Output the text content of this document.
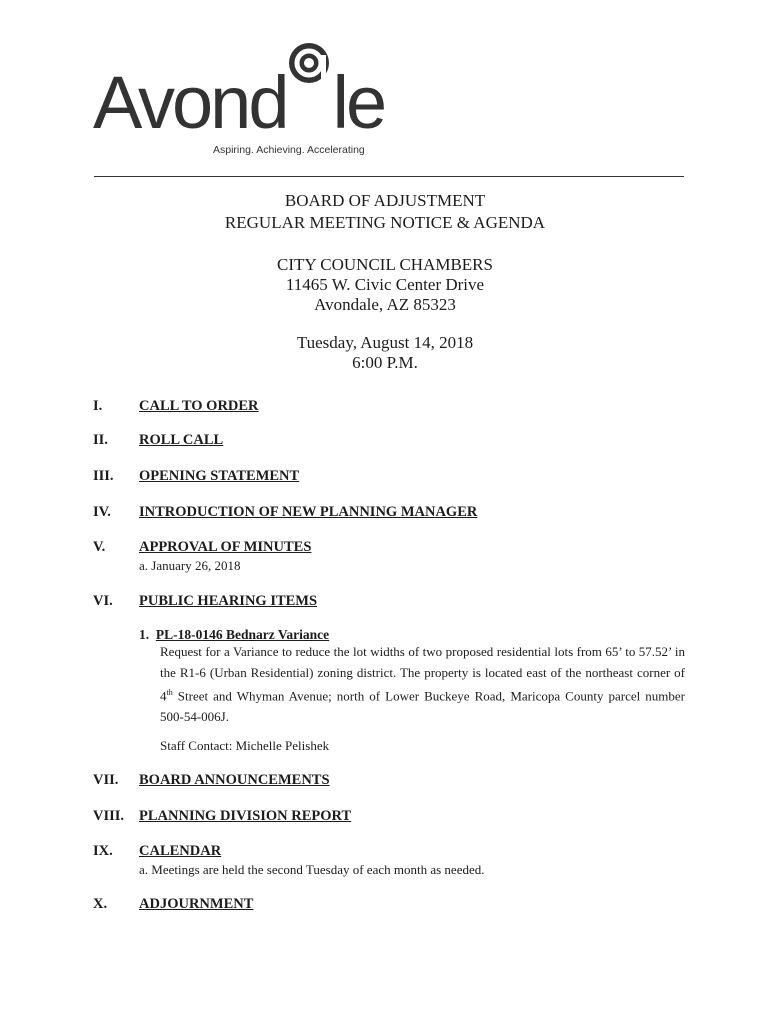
Avond le
Aspiring. Achieving. Accelerating
BOARD OF ADJUSTMENT
REGULAR MEETING NOTICE & AGENDA
CITY COUNCIL CHAMBERS
11465 W. Civic Center Drive
Avondale, AZ 85323
Tuesday, August 14, 2018
6:00 P.M.
I.	CALL TO ORDER
II. ROLL CALL
III. OPENING STATEMENT
IV. INTRODUCTION OF NEW PLANNING MANAGER
V. APPROVAL OF MINUTES
a. January 26, 2018
VI. PUBLIC HEARING ITEMS
1. PL-18-0146 Bednarz Variance
Request for a Variance to reduce the lot widths of two proposed residential lots from 65’ to 57.52’ in the R1-6 (Urban Residential) zoning district. The property is located east of the northeast corner of 4th Street and Whyman Avenue; north of Lower Buckeye Road, Maricopa County parcel number 500-54-006J.
Staff Contact: Michelle Pelishek
VII. BOARD ANNOUNCEMENTS
VIII. PLANNING DIVISION REPORT
IX. CALENDAR
a. Meetings are held the second Tuesday of each month as needed.
X. ADJOURNMENT
